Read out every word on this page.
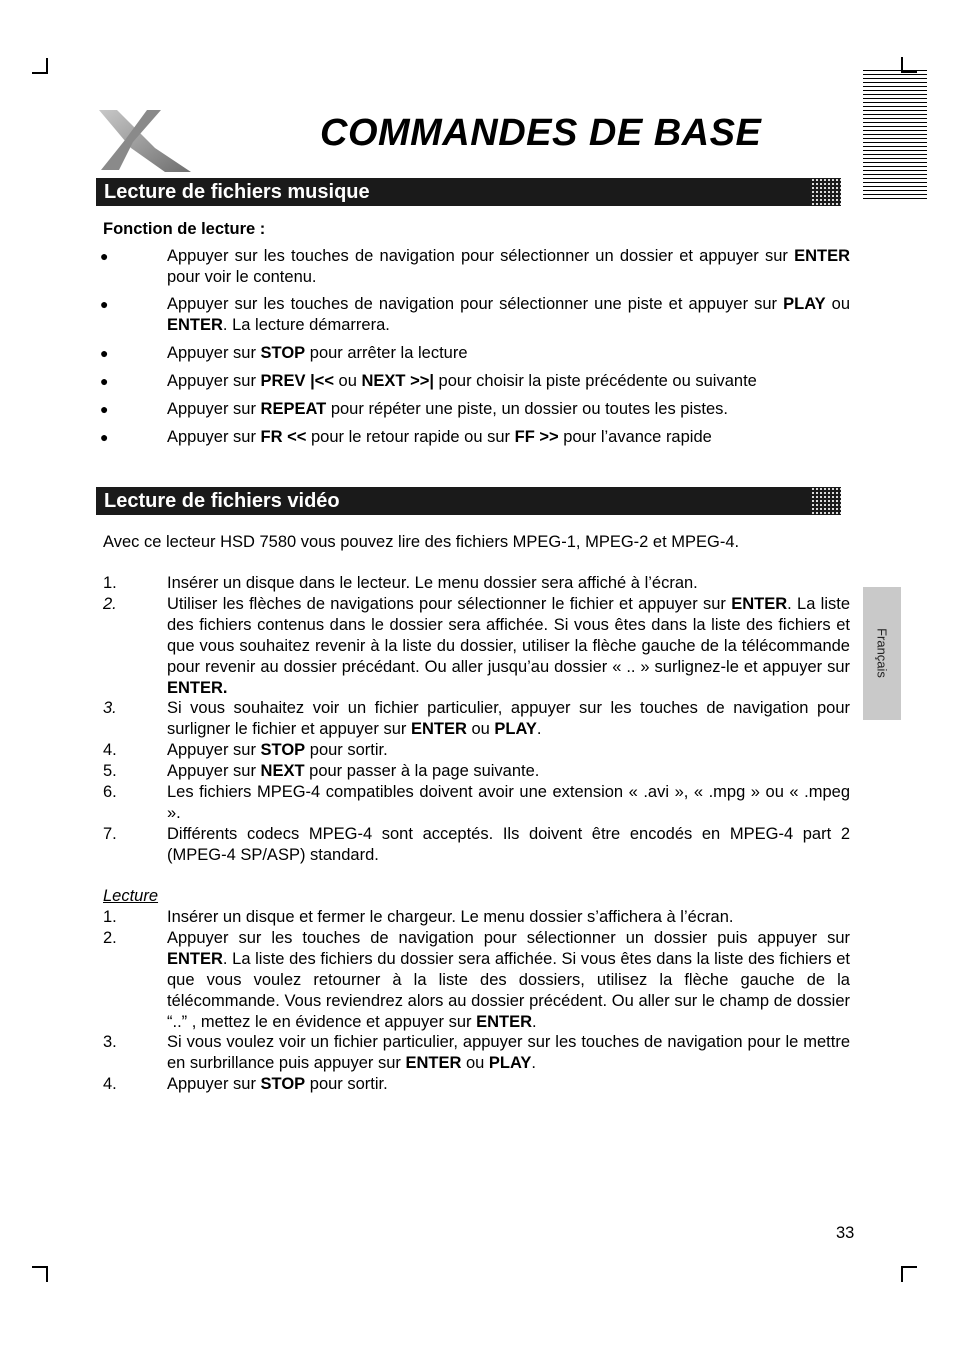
COMMANDES DE BASE
Lecture de fichiers musique
Fonction de lecture :
●	Appuyer sur les touches de navigation pour sélectionner un dossier et appuyer sur ENTER pour voir le contenu.
●	Appuyer sur les touches de navigation pour sélectionner une piste et appuyer sur PLAY ou ENTER. La lecture démarrera.
●	Appuyer sur STOP pour arrêter la lecture
●	Appuyer sur PREV |<< ou NEXT >>| pour choisir la piste précédente ou suivante
●	Appuyer sur REPEAT pour répéter une piste, un dossier ou toutes les pistes.
●	Appuyer sur FR << pour le retour rapide ou sur FF >> pour l’avance rapide
Lecture de fichiers vidéo
Avec ce lecteur HSD 7580 vous pouvez lire des fichiers MPEG-1, MPEG-2 et MPEG-4.
1.	Insérer un disque dans le lecteur. Le menu dossier sera affiché à l’écran.
2.	Utiliser les flèches de navigations pour sélectionner le fichier et appuyer sur ENTER. La liste des fichiers contenus dans le dossier sera affichée. Si vous êtes dans la liste des fichiers et que vous souhaitez revenir à la liste du dossier, utiliser la flèche gauche de la télécommande pour revenir au dossier précédant. Ou aller jusqu’au dossier « .. » surlignez-le et appuyer sur ENTER.
3.	Si vous souhaitez voir un fichier particulier, appuyer sur les touches de navigation pour surligner le fichier et appuyer sur ENTER ou PLAY.
4.	Appuyer sur STOP pour sortir.
5.	Appuyer sur NEXT pour passer à la page suivante.
6.	Les fichiers MPEG-4 compatibles doivent avoir une extension « .avi », « .mpg » ou « .mpeg ».
7.	Différents codecs MPEG-4 sont acceptés. Ils doivent être encodés en MPEG-4 part 2 (MPEG-4 SP/ASP) standard.
Lecture
1.	Insérer un disque et fermer le chargeur. Le menu dossier s’affichera à l’écran.
2.	Appuyer sur les touches de navigation pour sélectionner un dossier puis appuyer sur ENTER. La liste des fichiers du dossier sera affichée. Si vous êtes dans la liste des fichiers et que vous voulez retourner à la liste des dossiers, utilisez la flèche gauche de la télécommande. Vous reviendrez alors au dossier précédent. Ou aller sur le champ de dossier “..” , mettez le en évidence et appuyer sur ENTER.
3.	Si vous voulez voir un fichier particulier, appuyer sur les touches de navigation pour le mettre en surbrillance puis appuyer sur ENTER ou PLAY.
4.	Appuyer sur STOP pour sortir.
Français
33
